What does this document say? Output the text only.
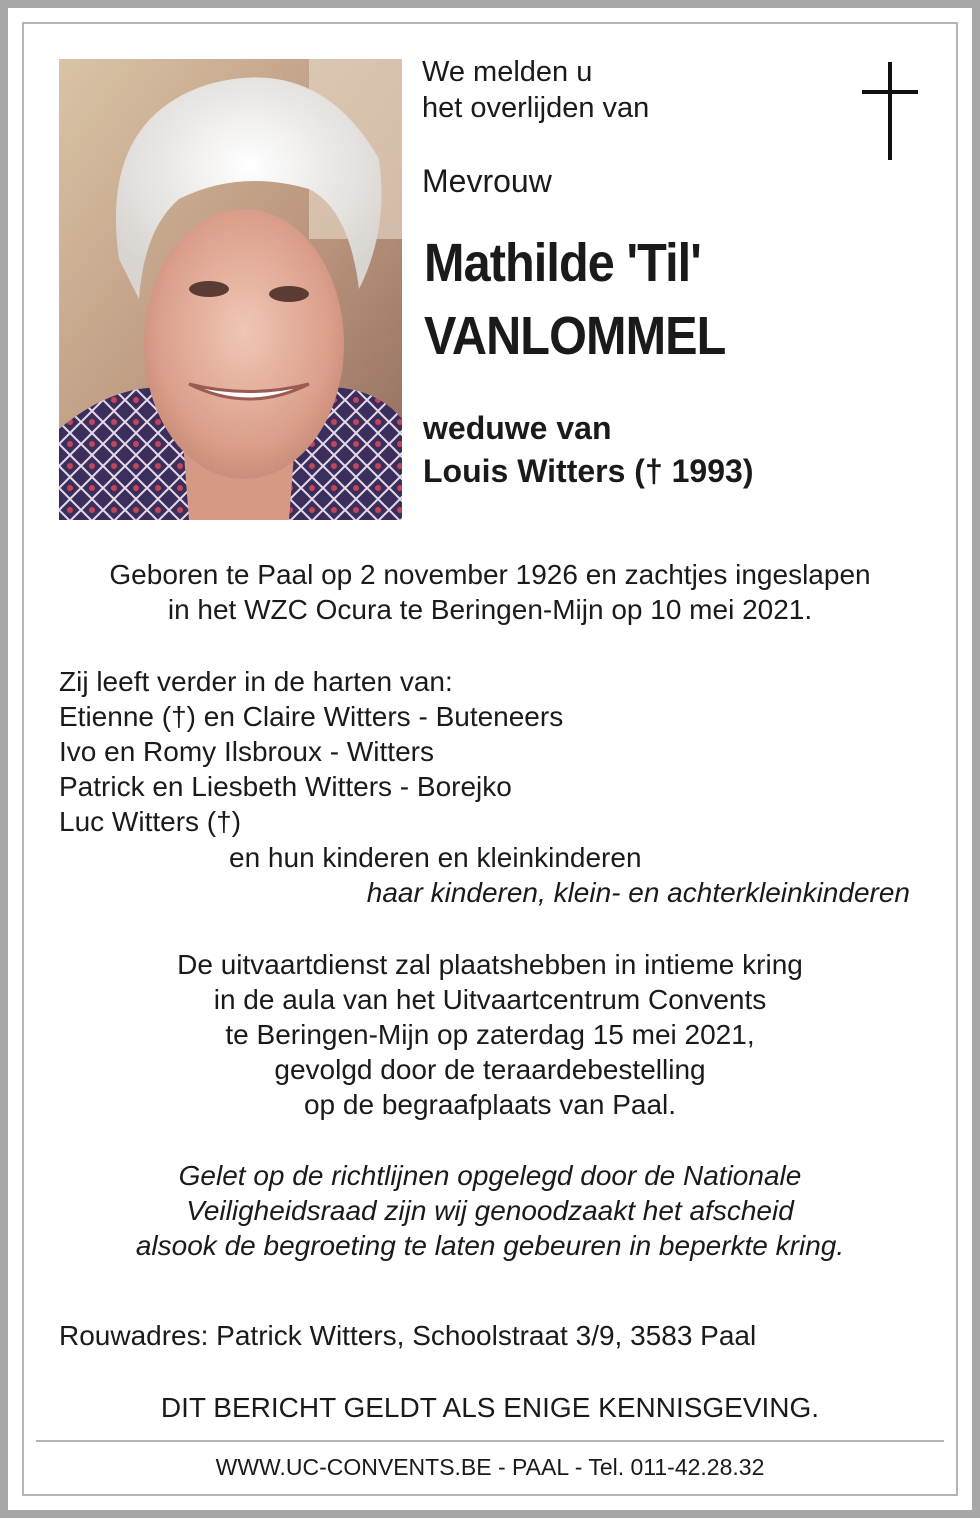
We melden u
het overlijden van
Mevrouw
Mathilde 'Til'
VANLOMMEL
weduwe van
Louis Witters († 1993)
Geboren te Paal op 2 november 1926 en zachtjes ingeslapen
in het WZC Ocura te Beringen-Mijn op 10 mei 2021.
Zij leeft verder in de harten van:
Etienne (†) en Claire Witters - Buteneers
Ivo en Romy Ilsbroux - Witters
Patrick en Liesbeth Witters - Borejko
Luc Witters (†)
en hun kinderen en kleinkinderen
haar kinderen, klein- en achterkleinkinderen
De uitvaartdienst zal plaatshebben in intieme kring
in de aula van het Uitvaartcentrum Convents
te Beringen-Mijn op zaterdag 15 mei 2021,
gevolgd door de teraardebestelling
op de begraafplaats van Paal.
Gelet op de richtlijnen opgelegd door de Nationale
Veiligheidsraad zijn wij genoodzaakt het afscheid
alsook de begroeting te laten gebeuren in beperkte kring.
Rouwadres: Patrick Witters, Schoolstraat 3/9, 3583 Paal
DIT BERICHT GELDT ALS ENIGE KENNISGEVING.
WWW.UC-CONVENTS.BE - PAAL - Tel. 011-42.28.32
